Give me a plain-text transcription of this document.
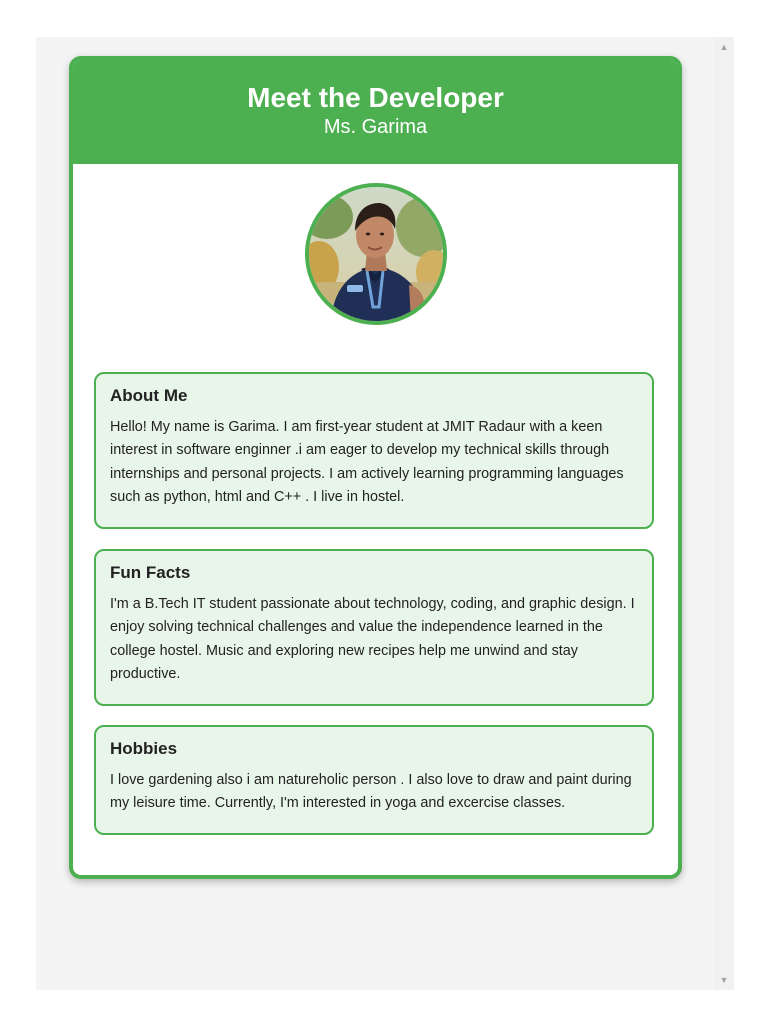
Meet the Developer
Ms. Garima
About Me

Hello! My name is Garima. I am first-year student at JMIT Radaur with a keen interest in software enginner .i am eager to develop my technical skills through internships and personal projects. I am actively learning programming languages such as python, html and C++ . I live in hostel.

Fun Facts

I'm a B.Tech IT student passionate about technology, coding, and graphic design. I enjoy solving technical challenges and value the independence learned in the college hostel. Music and exploring new recipes help me unwind and stay productive.

Hobbies

I love gardening also i am natureholic person . I also love to draw and paint during my leisure time. Currently, I'm interested in yoga and excercise classes.

▲
▼
